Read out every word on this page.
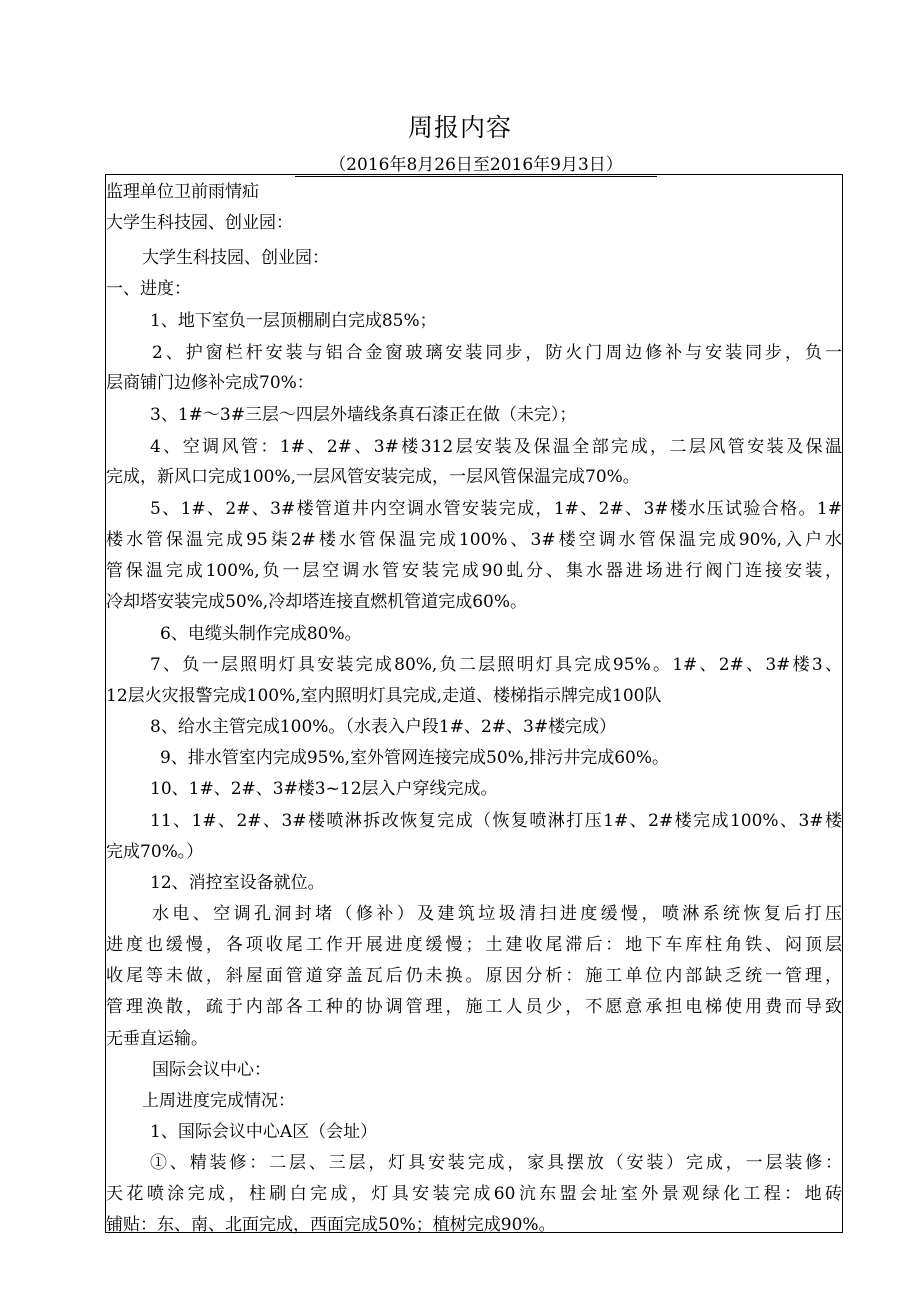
周报内容
（2016年8月26日至2016年9月3日）
监理单位卫前雨情疝
大学生科技园、创业园：
大学生科技园、创业园：
一、进度：
1、地下室负一层顶棚刷白完成85%；
2、护窗栏杆安装与铝合金窗玻璃安装同步，防火门周边修补与安装同步，负一
层商铺门边修补完成70%：
3、1#～3#三层～四层外墙线条真石漆正在做（未完）；
4、空调风管：1#、2#、3#楼312层安装及保温全部完成，二层风管安装及保温
完成，新风口完成100%,一层风管安装完成，一层风管保温完成70%。
5、1#、2#、3#楼管道井内空调水管安装完成，1#、2#、3#楼水压试验合格。1#
楼水管保温完成95柒2#楼水管保温完成100%、3#楼空调水管保温完成90%,入户水
管保温完成100%,负一层空调水管安装完成90虬分、集水器进场进行阀门连接安装，
冷却塔安装完成50%,冷却塔连接直燃机管道完成60%。
6、电缆头制作完成80%。
7、负一层照明灯具安装完成80%,负二层照明灯具完成95%。1#、2#、3#楼3、
12层火灾报警完成100%,室内照明灯具完成,走道、楼梯指示牌完成100队
8、给水主管完成100%。（水表入户段1#、2#、3#楼完成）
9、排水管室内完成95%,室外管网连接完成50%,排污井完成60%。
10、1#、2#、3#楼3~12层入户穿线完成。
11、1#、2#、3#楼喷淋拆改恢复完成（恢复喷淋打压1#、2#楼完成100%、3#楼
完成70%。）
12、消控室设备就位。
水电、空调孔洞封堵（修补）及建筑垃圾清扫进度缓慢，喷淋系统恢复后打压
进度也缓慢，各项收尾工作开展进度缓慢；土建收尾滞后：地下车库柱角铁、闷顶层
收尾等未做，斜屋面管道穿盖瓦后仍未换。原因分析：施工单位内部缺乏统一管理，
管理涣散，疏于内部各工种的协调管理，施工人员少，不愿意承担电梯使用费而导致
无垂直运输。
国际会议中心：
上周进度完成情况：
1、国际会议中心A区（会址）
①、精装修：二层、三层，灯具安装完成，家具摆放（安装）完成，一层装修：
天花喷涂完成，柱刷白完成，灯具安装完成60沆东盟会址室外景观绿化工程：地砖
铺贴：东、南、北面完成，西面完成50%；植树完成90%。
